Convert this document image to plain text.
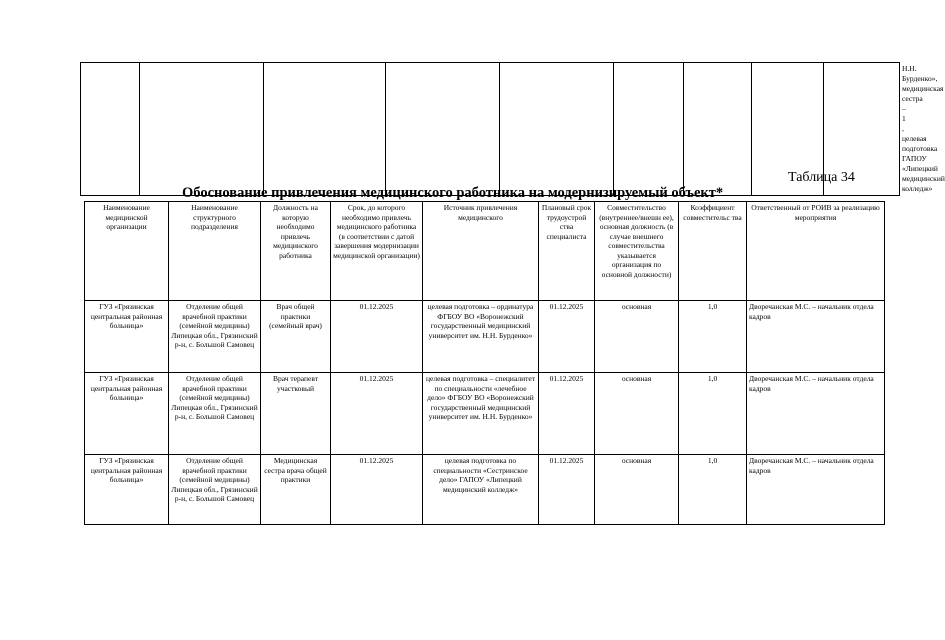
									Н.Н. Бурденко», медицинская сестра – 1 , целевая подготовка ГАПОУ «Липецкий медицинский колледж»
Таблица 34
Обоснование привлечения медицинского работника на модернизируемый объект*
Наименование медицинской организации	Наименование структурного подразделения	Должность на которую необходимо привлечь медицинского работника	Срок, до которого необходимо привлечь медицинского работника (в соответствии с датой завершения модернизации медицинской организации)	Источник привлечения медицинского	Плановый срок трудоустрой ства специалиста	Совместительство (внутреннее/внешн ее), основная должность (в случае внешнего совместительства указывается организация по основной должности)	Коэффициент совместительс тва	Ответственный от РОИВ за реализацию мероприятия
ГУЗ «Грязинская центральная районная больница»	Отделение общей врачебной практики (семейной медицины) Липецкая обл., Грязинский р-н, с. Большой Самовец	Врач общей практики (семейный врач)	01.12.2025	целевая подготовка – ординатура ФГБОУ ВО «Воронежский государственный медицинский университет им. Н.Н. Бурденко»	01.12.2025	основная	1,0	Дворечанская М.С. – начальник отдела кадров
ГУЗ «Грязинская центральная районная больница»	Отделение общей врачебной практики (семейной медицины) Липецкая обл., Грязинский р-н, с. Большой Самовец	Врач терапевт участковый	01.12.2025	целевая подготовка – специалитет по специальности «лечебное дело» ФГБОУ ВО «Воронежский государственный медицинский университет им. Н.Н. Бурденко»	01.12.2025	основная	1,0	Дворечанская М.С. – начальник отдела кадров
ГУЗ «Грязинская центральная районная больница»	Отделение общей врачебной практики (семейной медицины) Липецкая обл., Грязинский р-н, с. Большой Самовец	Медицинская сестра врача общей практики	01.12.2025	целевая подготовка по специальности «Сестринское дело» ГАПОУ «Липецкий медицинский колледж»	01.12.2025	основная	1,0	Дворечанская М.С. – начальник отдела кадров
